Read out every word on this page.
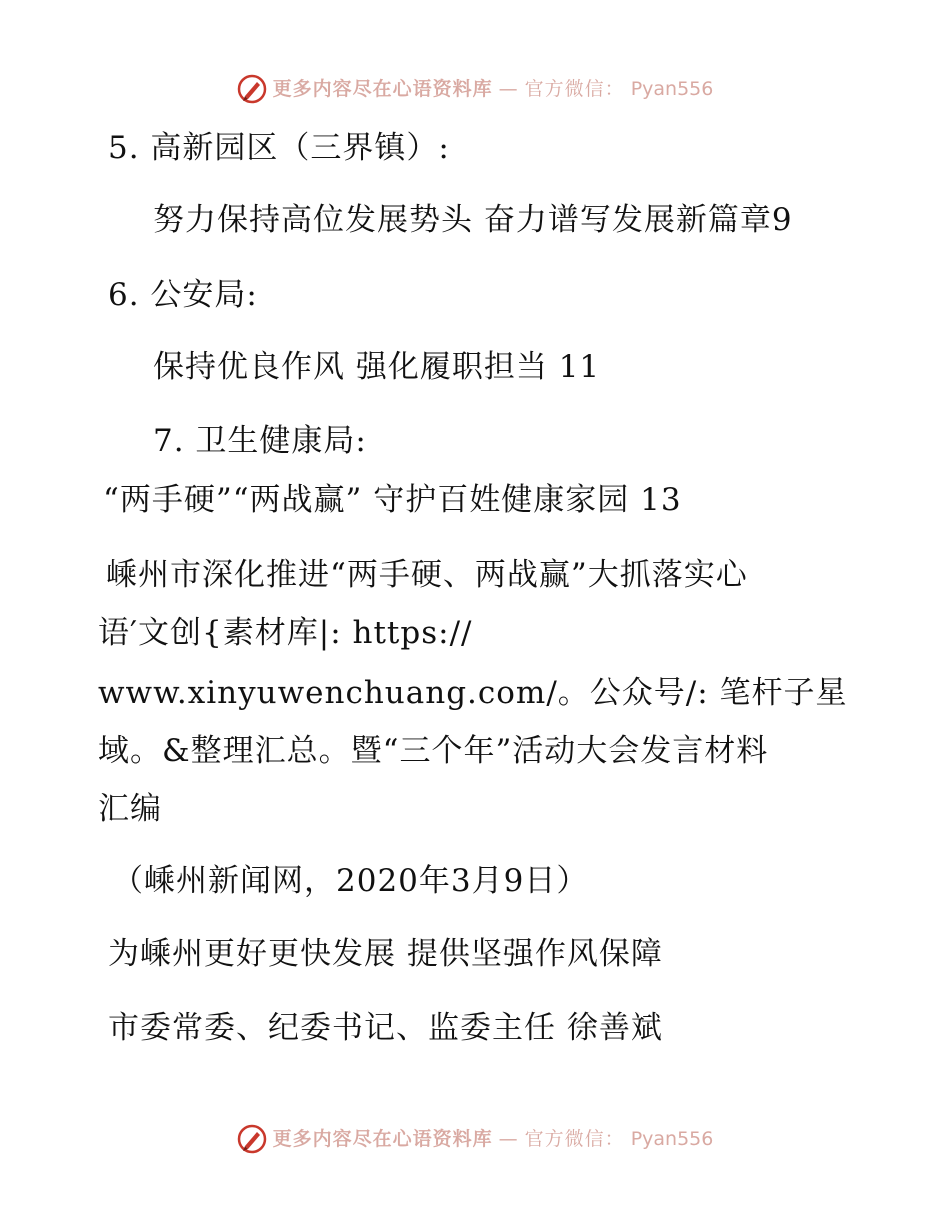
更多内容尽在心语资料库 — 官方微信： Pyan556
5. 高新园区（三界镇）:
努力保持高位发展势头 奋力谱写发展新篇章9
6. 公安局:
保持优良作风 强化履职担当 11
7. 卫生健康局:
“两手硬”“两战赢” 守护百姓健康家园 13
嵊州市深化推进“两手硬、两战赢”大抓落实心
语′文创{素材库|: https://
www.xinyuwenchuang.com/。公众号/: 笔杆子星
域。&整理汇总。暨“三个年”活动大会发言材料
汇编
（嵊州新闻网，2020年3月9日）
为嵊州更好更快发展 提供坚强作风保障
市委常委、纪委书记、监委主任 徐善斌
更多内容尽在心语资料库 — 官方微信： Pyan556
